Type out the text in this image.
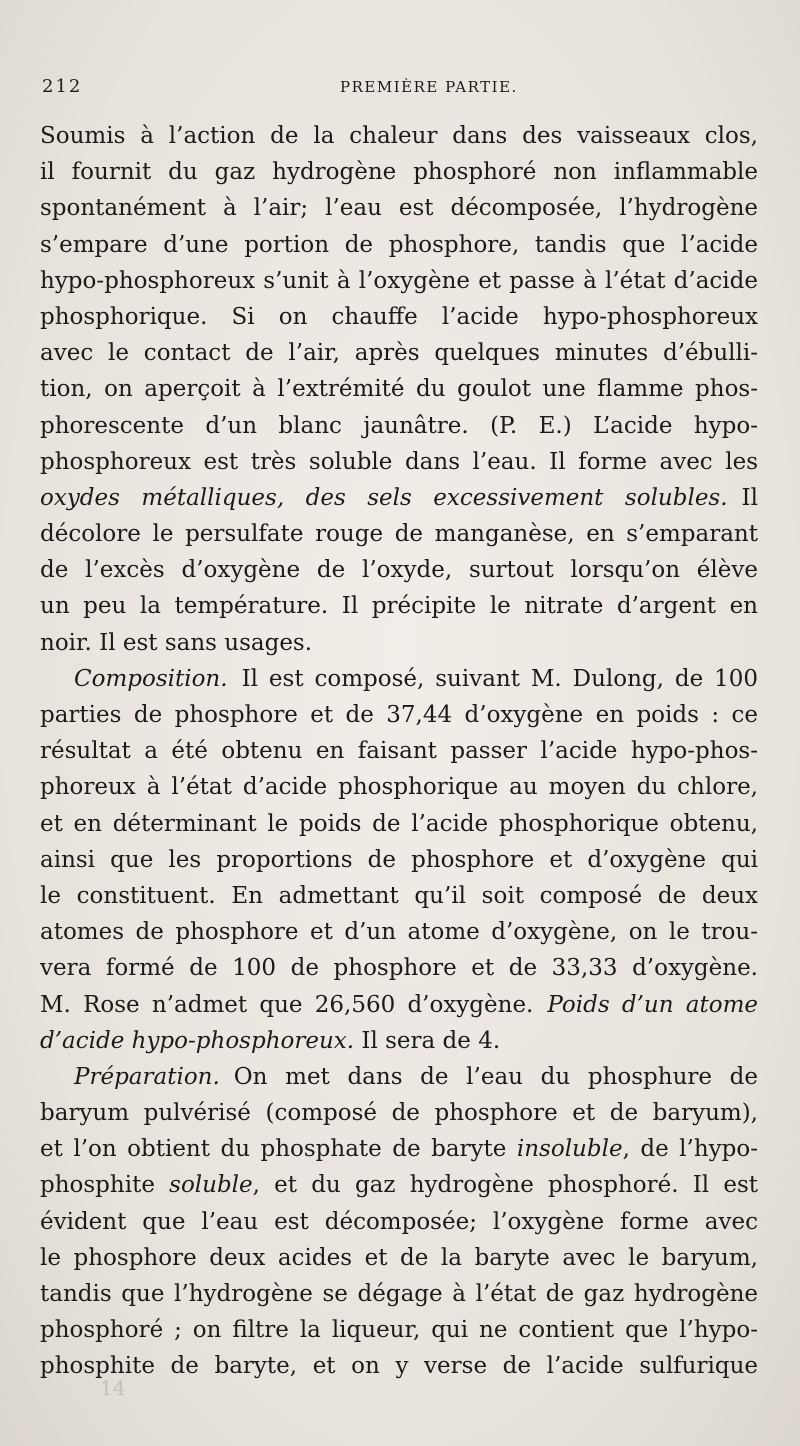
212	PREMIÈRE PARTIE.
Soumis à l’action de la chaleur dans des vaisseaux clos,
il fournit du gaz hydrogène phosphoré non inflammable
spontanément à l’air; l’eau est décomposée, l’hydrogène
s’empare d’une portion de phosphore, tandis que l’acide
hypo-phosphoreux s’unit à l’oxygène et passe à l’état d’acide
phosphorique. Si on chauffe l’acide hypo-phosphoreux
avec le contact de l’air, après quelques minutes d’ébulli-
tion, on aperçoit à l’extrémité du goulot une flamme phos-
phorescente d’un blanc jaunâtre. (P. E.) L’acide hypo-
phosphoreux est très soluble dans l’eau. Il forme avec les
oxydes métalliques, des sels excessivement solubles. Il
décolore le persulfate rouge de manganèse, en s’emparant
de l’excès d’oxygène de l’oxyde, surtout lorsqu’on élève
un peu la température. Il précipite le nitrate d’argent en
noir. Il est sans usages.
Composition. Il est composé, suivant M. Dulong, de 100
parties de phosphore et de 37,44 d’oxygène en poids : ce
résultat a été obtenu en faisant passer l’acide hypo-phos-
phoreux à l’état d’acide phosphorique au moyen du chlore,
et en déterminant le poids de l’acide phosphorique obtenu,
ainsi que les proportions de phosphore et d’oxygène qui
le constituent. En admettant qu’il soit composé de deux
atomes de phosphore et d’un atome d’oxygène, on le trou-
vera formé de 100 de phosphore et de 33,33 d’oxygène.
M. Rose n’admet que 26,560 d’oxygène. Poids d’un atome
d’acide hypo-phosphoreux. Il sera de 4.
Préparation. On met dans de l’eau du phosphure de
baryum pulvérisé (composé de phosphore et de baryum),
et l’on obtient du phosphate de baryte insoluble, de l’hypo-
phosphite soluble, et du gaz hydrogène phosphoré. Il est
évident que l’eau est décomposée; l’oxygène forme avec
le phosphore deux acides et de la baryte avec le baryum,
tandis que l’hydrogène se dégage à l’état de gaz hydrogène
phosphoré ; on filtre la liqueur, qui ne contient que l’hypo-
phosphite de baryte, et on y verse de l’acide sulfurique
14
